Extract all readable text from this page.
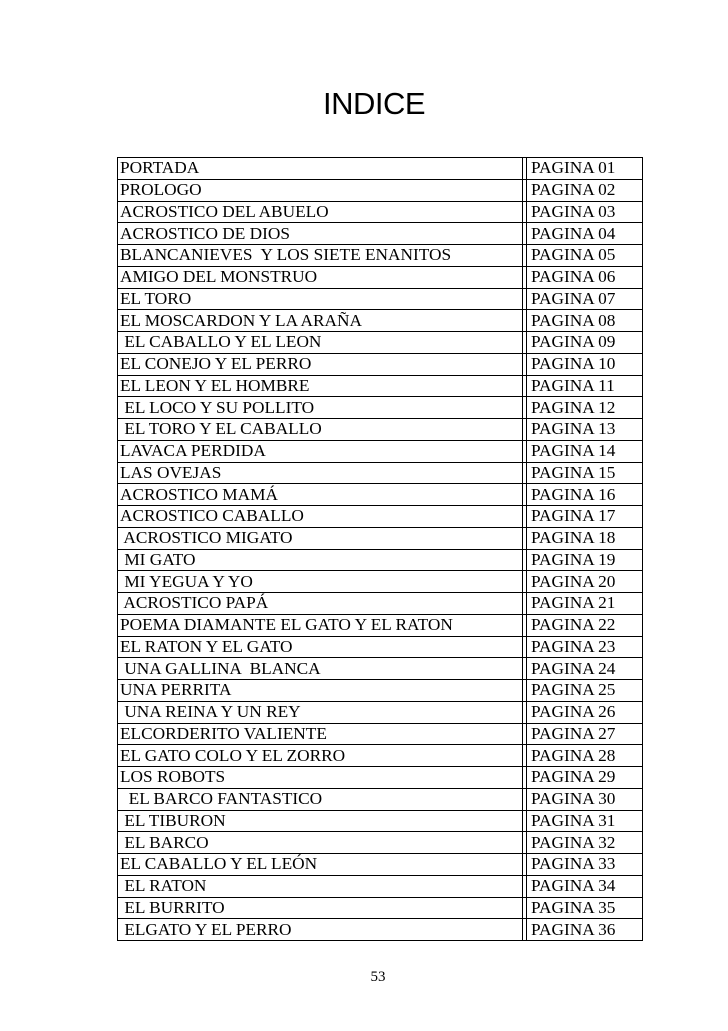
INDICE
PORTADA		PAGINA 01
PROLOGO		PAGINA 02
ACROSTICO DEL ABUELO		PAGINA 03
ACROSTICO DE DIOS		PAGINA 04
BLANCANIEVES  Y LOS SIETE ENANITOS		PAGINA 05
AMIGO DEL MONSTRUO		PAGINA 06
EL TORO		PAGINA 07
EL MOSCARDON Y LA ARAÑA		PAGINA 08
EL CABALLO Y EL LEON		PAGINA 09
EL CONEJO Y EL PERRO		PAGINA 10
EL LEON Y EL HOMBRE		PAGINA 11
EL LOCO Y SU POLLITO		PAGINA 12
EL TORO Y EL CABALLO		PAGINA 13
LAVACA PERDIDA		PAGINA 14
LAS OVEJAS		PAGINA 15
ACROSTICO MAMÁ		PAGINA 16
ACROSTICO CABALLO		PAGINA 17
ACROSTICO MIGATO		PAGINA 18
MI GATO		PAGINA 19
MI YEGUA Y YO		PAGINA 20
ACROSTICO PAPÁ		PAGINA 21
POEMA DIAMANTE EL GATO Y EL RATON		PAGINA 22
EL RATON Y EL GATO		PAGINA 23
UNA GALLINA  BLANCA		PAGINA 24
UNA PERRITA		PAGINA 25
UNA REINA Y UN REY		PAGINA 26
ELCORDERITO VALIENTE		PAGINA 27
EL GATO COLO Y EL ZORRO		PAGINA 28
LOS ROBOTS		PAGINA 29
EL BARCO FANTASTICO		PAGINA 30
EL TIBURON		PAGINA 31
EL BARCO		PAGINA 32
EL CABALLO Y EL LEÓN		PAGINA 33
EL RATON		PAGINA 34
EL BURRITO		PAGINA 35
ELGATO Y EL PERRO		PAGINA 36
53
